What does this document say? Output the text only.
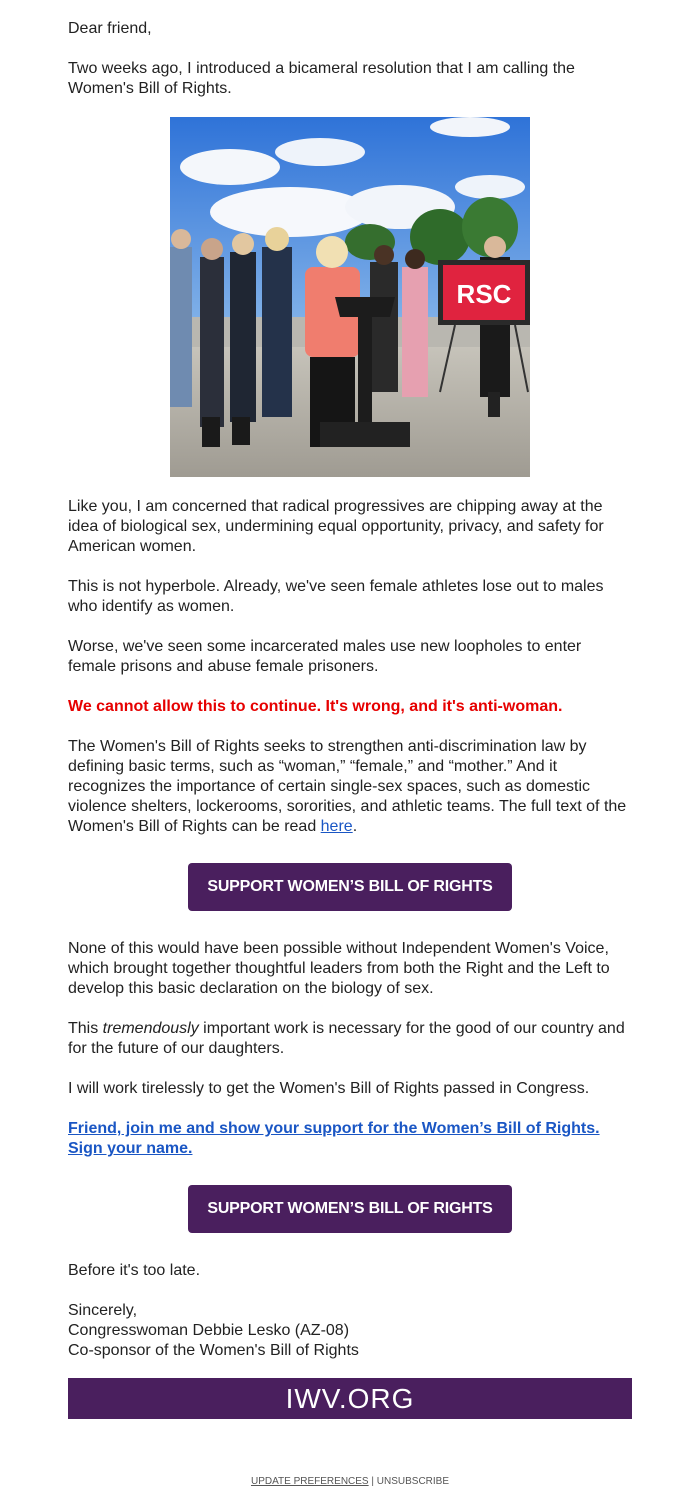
Dear friend,

Two weeks ago, I introduced a bicameral resolution that I am calling the Women's Bill of Rights.

RSC

Like you, I am concerned that radical progressives are chipping away at the idea of biological sex, undermining equal opportunity, privacy, and safety for American women.

This is not hyperbole. Already, we've seen female athletes lose out to males who identify as women.

Worse, we've seen some incarcerated males use new loopholes to enter female prisons and abuse female prisoners.

We cannot allow this to continue. It's wrong, and it's anti-woman.

The Women's Bill of Rights seeks to strengthen anti-discrimination law by defining basic terms, such as “woman,” “female,” and “mother.” And it recognizes the importance of certain single-sex spaces, such as domestic violence shelters, lockerooms, sororities, and athletic teams. The full text of the Women's Bill of Rights can be read here.

SUPPORT WOMEN’S BILL OF RIGHTS

None of this would have been possible without Independent Women's Voice, which brought together thoughtful leaders from both the Right and the Left to develop this basic declaration on the biology of sex.

This tremendously important work is necessary for the good of our country and for the future of our daughters.

I will work tirelessly to get the Women's Bill of Rights passed in Congress.

Friend, join me and show your support for the Women’s Bill of Rights. Sign your name.
SUPPORT WOMEN’S BILL OF RIGHTS

Before it's too late.

Sincerely,
Congresswoman Debbie Lesko (AZ-08)
Co-sponsor of the Women's Bill of Rights
IWV.ORG
UPDATE PREFERENCES | UNSUBSCRIBE
